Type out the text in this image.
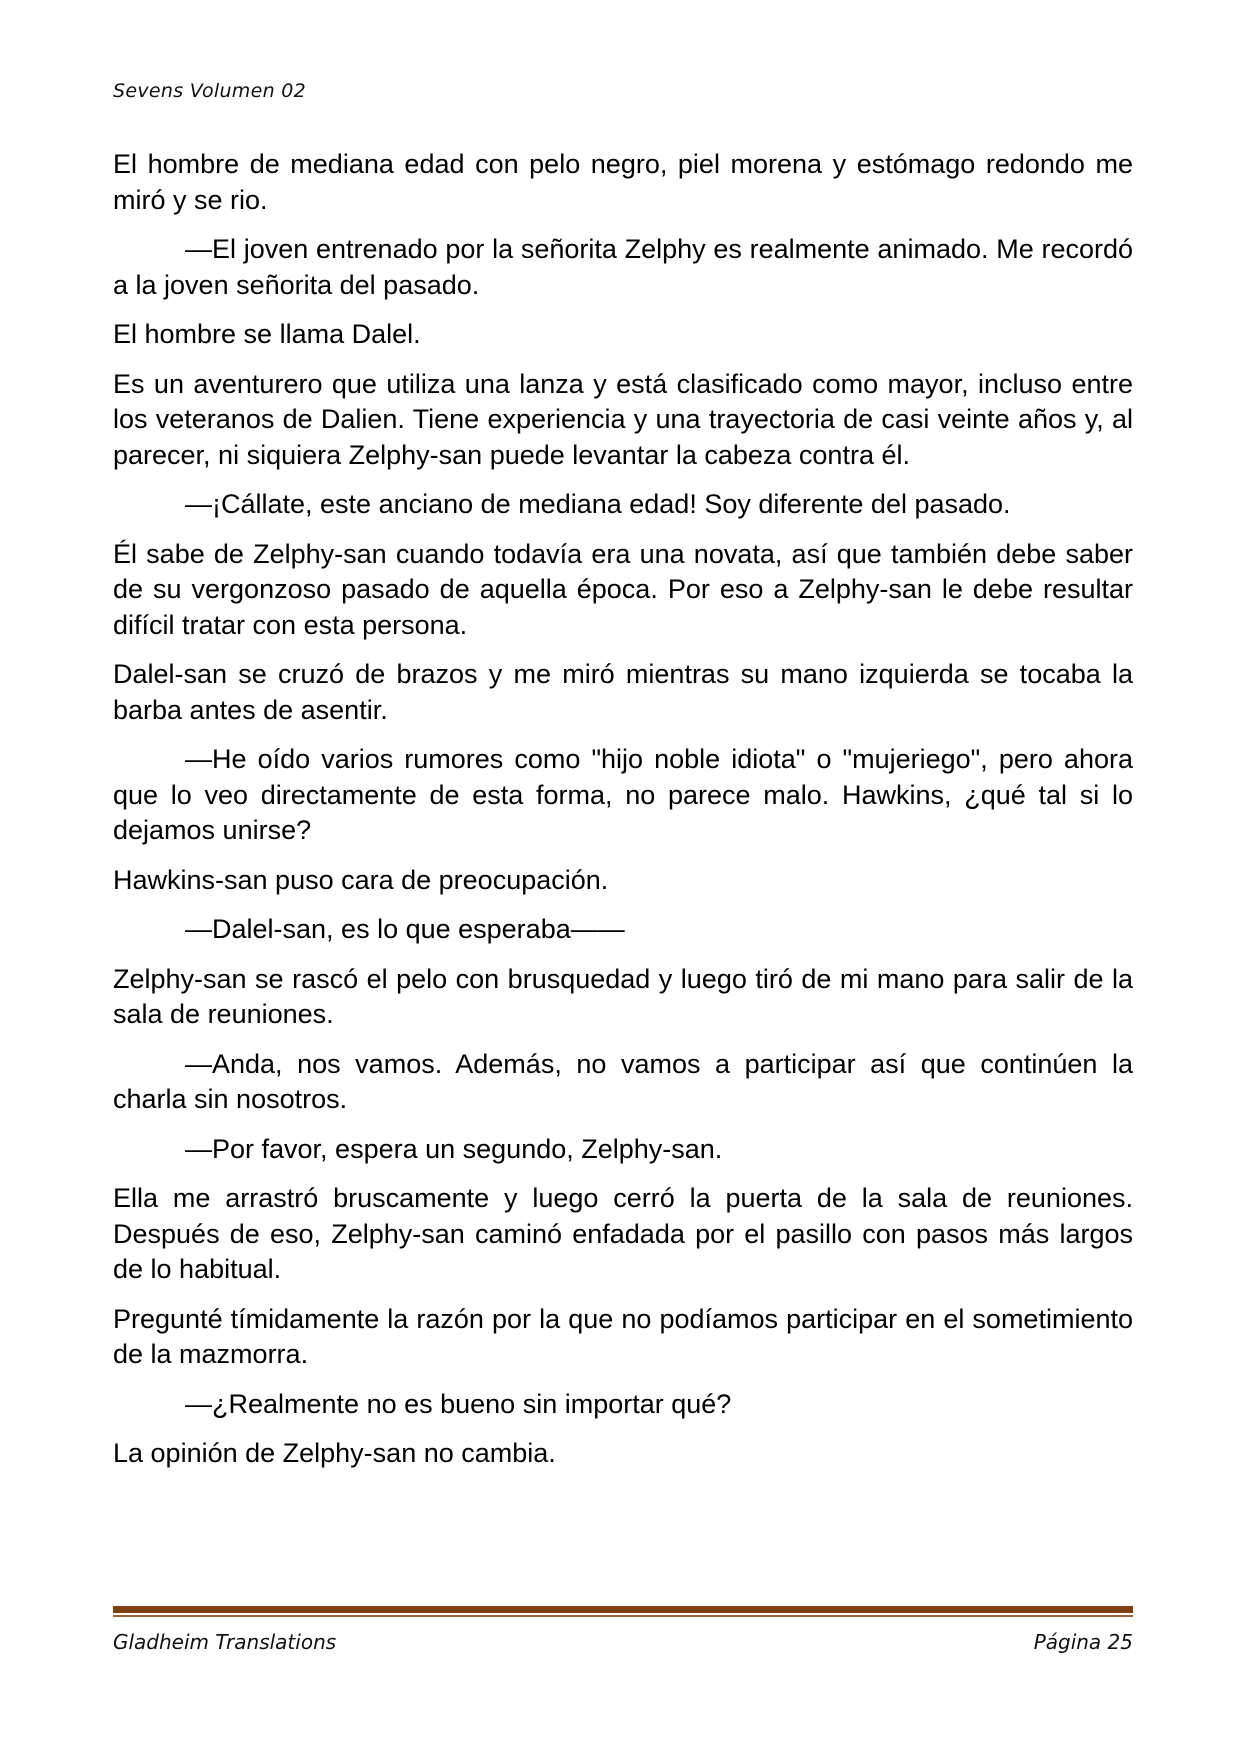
Sevens Volumen 02

El hombre de mediana edad con pelo negro, piel morena y estómago redondo me miró y se rio.

—El joven entrenado por la señorita Zelphy es realmente animado. Me recordó a la joven señorita del pasado.

El hombre se llama Dalel.

Es un aventurero que utiliza una lanza y está clasificado como mayor, incluso entre los veteranos de Dalien. Tiene experiencia y una trayectoria de casi veinte años y, al parecer, ni siquiera Zelphy-san puede levantar la cabeza contra él.

—¡Cállate, este anciano de mediana edad! Soy diferente del pasado.

Él sabe de Zelphy-san cuando todavía era una novata, así que también debe saber de su vergonzoso pasado de aquella época. Por eso a Zelphy-san le debe resultar difícil tratar con esta persona.

Dalel-san se cruzó de brazos y me miró mientras su mano izquierda se tocaba la barba antes de asentir.

—He oído varios rumores como "hijo noble idiota" o "mujeriego", pero ahora que lo veo directamente de esta forma, no parece malo. Hawkins, ¿qué tal si lo dejamos unirse?

Hawkins-san puso cara de preocupación.

—Dalel-san, es lo que esperaba——

Zelphy-san se rascó el pelo con brusquedad y luego tiró de mi mano para salir de la sala de reuniones.

—Anda, nos vamos. Además, no vamos a participar así que continúen la charla sin nosotros.

—Por favor, espera un segundo, Zelphy-san.

Ella me arrastró bruscamente y luego cerró la puerta de la sala de reuniones. Después de eso, Zelphy-san caminó enfadada por el pasillo con pasos más largos de lo habitual.

Pregunté tímidamente la razón por la que no podíamos participar en el sometimiento de la mazmorra.

—¿Realmente no es bueno sin importar qué?

La opinión de Zelphy-san no cambia.

Gladheim Translations	Página 25
